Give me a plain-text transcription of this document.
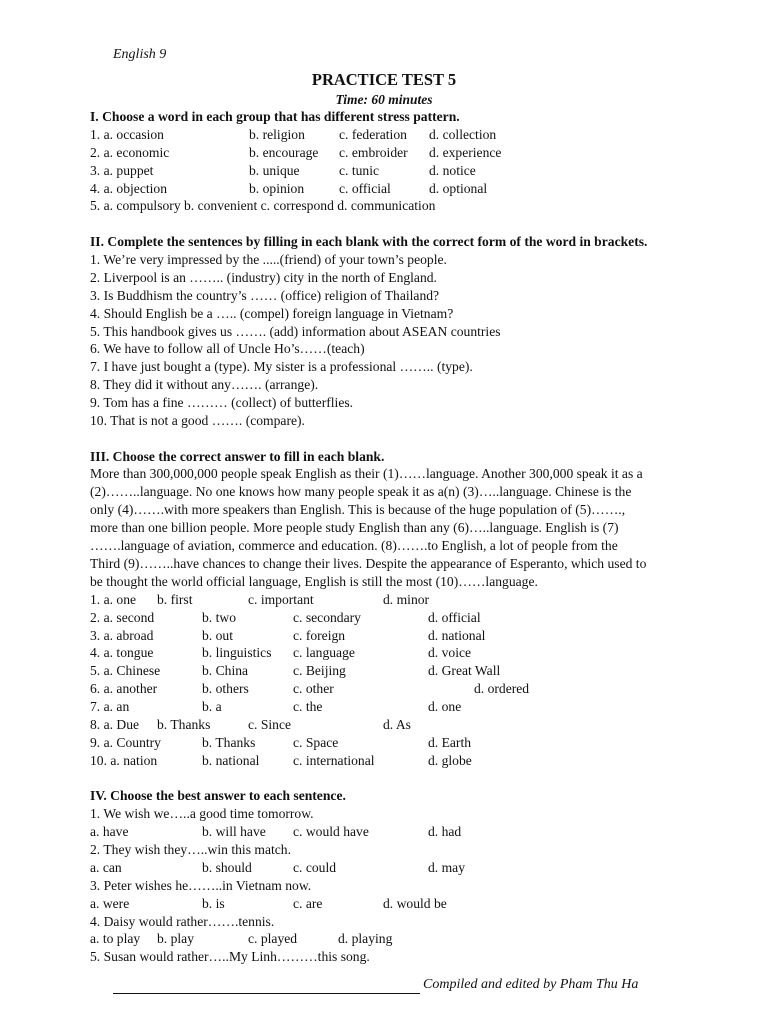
English 9
PRACTICE TEST 5
Time: 60 minutes
I. Choose a word in each group that has different stress pattern.
1. a. occasion	b. religion	c. federation d. collection
2. a. economic	b. encourage c. embroider d. experience
3. a. puppet	b. unique	c. tunic	d. notice
4. a. objection	b. opinion	c. official	d. optional
5. a. compulsory b. convenient c. correspond d. communication
II. Complete the sentences by filling in each blank with the correct form of the word in brackets.
1. We’re very impressed by the .....(friend) of your town’s people.
2. Liverpool is an …….. (industry) city in the north of England.
3. Is Buddhism the country’s …… (office) religion of Thailand?
4. Should English be a ….. (compel) foreign language in Vietnam?
5. This handbook gives us ……. (add) information about ASEAN countries
6. We have to follow all of Uncle Ho’s……(teach)
7. I have just bought a (type). My sister is a professional …….. (type).
8. They did it without any……. (arrange).
9. Tom has a fine ……… (collect) of butterflies.
10. That is not a good ……. (compare).
III. Choose the correct answer to fill in each blank.
More than 300,000,000 people speak English as their (1)……language. Another 300,000 speak it as a
(2)……..language. No one knows how many people speak it as a(n) (3)…..language. Chinese is the
only (4)…….with more speakers than English. This is because of the huge population of (5)…….,
more than one billion people. More people study English than any (6)…..language. English is (7)
…….language of aviation, commerce and education. (8)…….to English, a lot of people from the
Third (9)……..have chances to change their lives. Despite the appearance of Esperanto, which used to
be thought the world official language, English is still the most (10)……language.
1. a. one b. first	c. important	d. minor
2. a. second	b. two	c. secondary	d. official
3. a. abroad	b. out	c. foreign	d. national
4. a. tongue	b. linguistics c. language	d. voice
5. a. Chinese	b. China	c. Beijing	d. Great Wall
6. a. another	b. others	c. other	d. ordered
7. a. an	b. a	c. the	d. one
8. a. Due b. Thanks	c. Since	d. As
9. a. Country	b. Thanks	c. Space	d. Earth
10. a. nation	b. national c. international	d. globe
IV. Choose the best answer to each sentence.
1. We wish we…..a good time tomorrow.
a. have	b. will have c. would have	d. had
2. They wish they…..win this match.
a. can	b. should	c. could	d. may
3. Peter wishes he……..in Vietnam now.
a. were	b. is	c. are	d. would be
4. Daisy would rather…….tennis.
a. to play b. play	c. played	d. playing
5. Susan would rather…..My Linh………this song.
Compiled and edited by Pham Thu Ha
